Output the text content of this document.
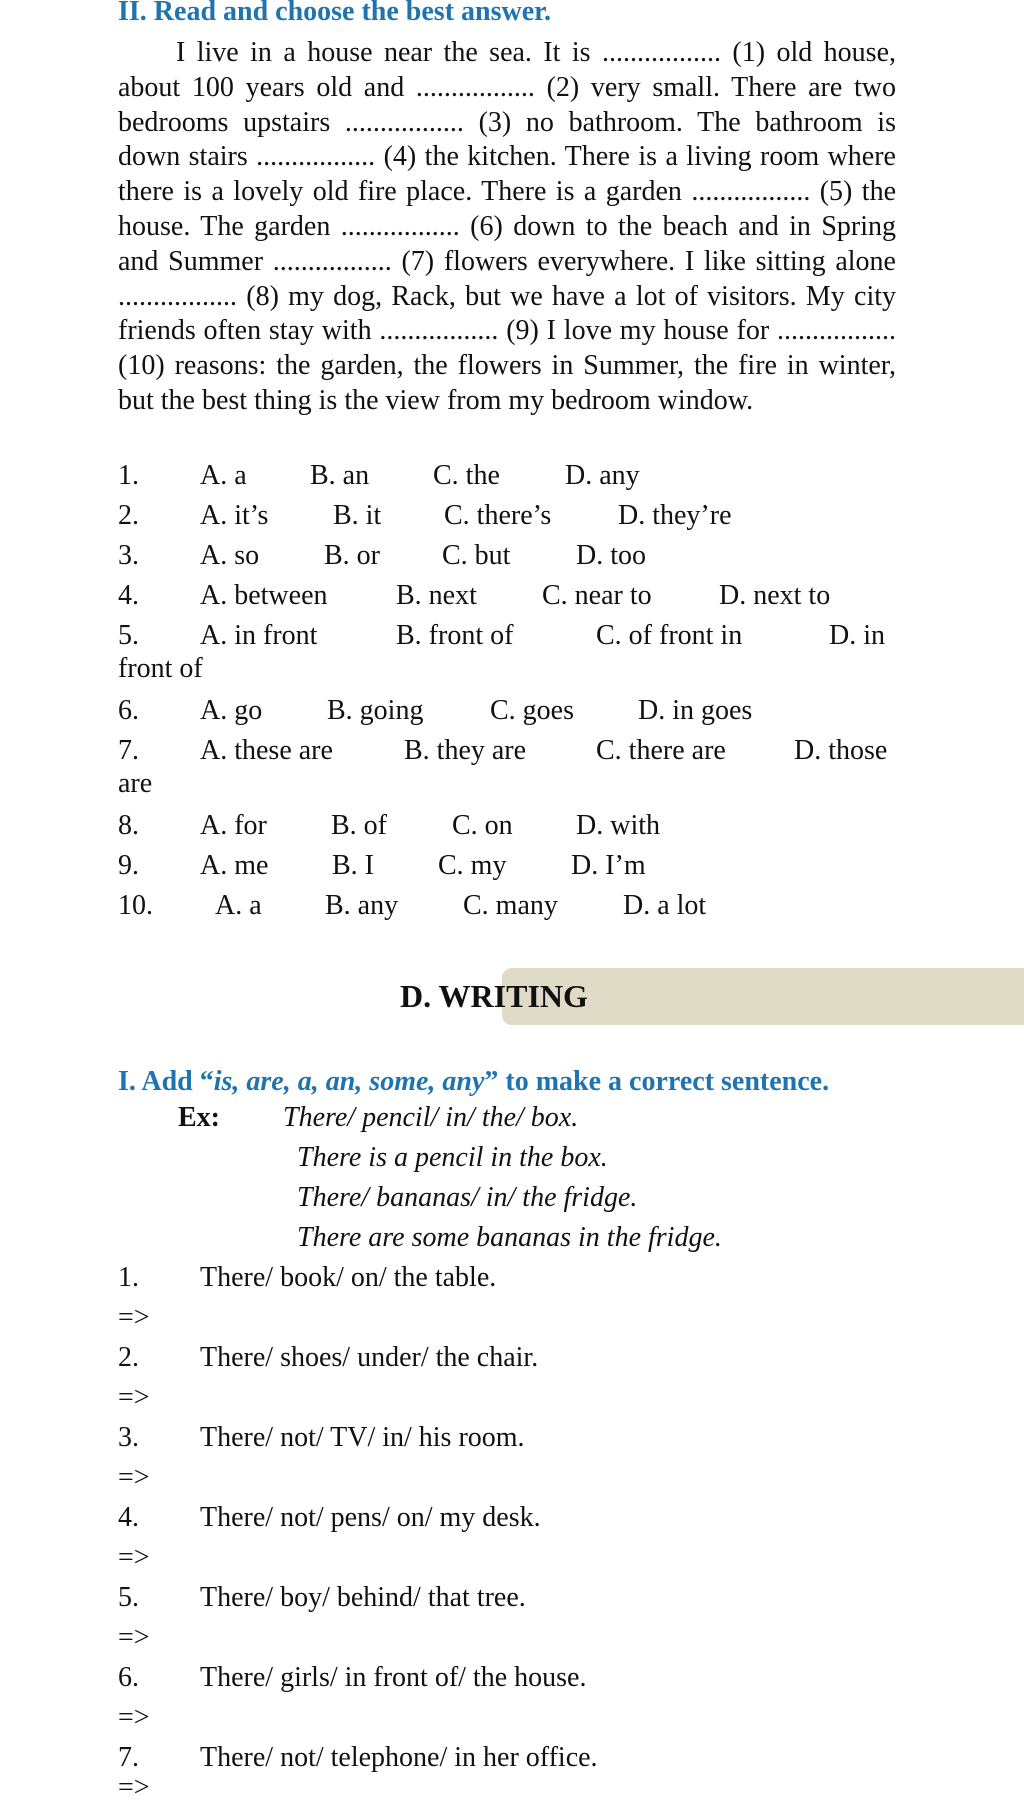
II. Read and choose the best answer.
I live in a house near the sea. It is ................. (1) old house, about 100 years old and ................. (2) very small. There are two bedrooms upstairs ................. (3) no bathroom. The bathroom is down stairs ................. (4) the kitchen. There is a living room where there is a lovely old fire place. There is a garden ................. (5) the house. The garden ................. (6) down to the beach and in Spring and Summer ................. (7) flowers everywhere. I like sitting alone ................. (8) my dog, Rack, but we have a lot of visitors. My city friends often stay with ................. (9) I love my house for ................. (10) reasons: the garden, the flowers in Summer, the fire in winter, but the best thing is the view from my bedroom window.
1. A. a B. an C. the D. any
2. A. it’s B. it C. there’s D. they’re
3. A. so B. or C. but D. too
4. A. between B. next C. near to D. next to
5. A. in front	B. front of	C. of front in	D. in
front of
6. A. go B. going C. goes D. in goes
7. A. these are	B. they are C. there are D. those
are
8. A. for B. of C. on D. with
9. A. me B. I C. my D. I’m
10. A. a B. any C. many D. a lot
D. WRITING
I. Add “is, are, a, an, some, any” to make a correct sentence.
Ex: There/ pencil/ in/ the/ box.
There is a pencil in the box.
There/ bananas/ in/ the fridge.
There are some bananas in the fridge.
1. There/ book/ on/ the table.
=>
2. There/ shoes/ under/ the chair.
=>
3. There/ not/ TV/ in/ his room.
=>
4. There/ not/ pens/ on/ my desk.
=>
5. There/ boy/ behind/ that tree.
=>
6. There/ girls/ in front of/ the house.
=>
7. There/ not/ telephone/ in her office.
=>
